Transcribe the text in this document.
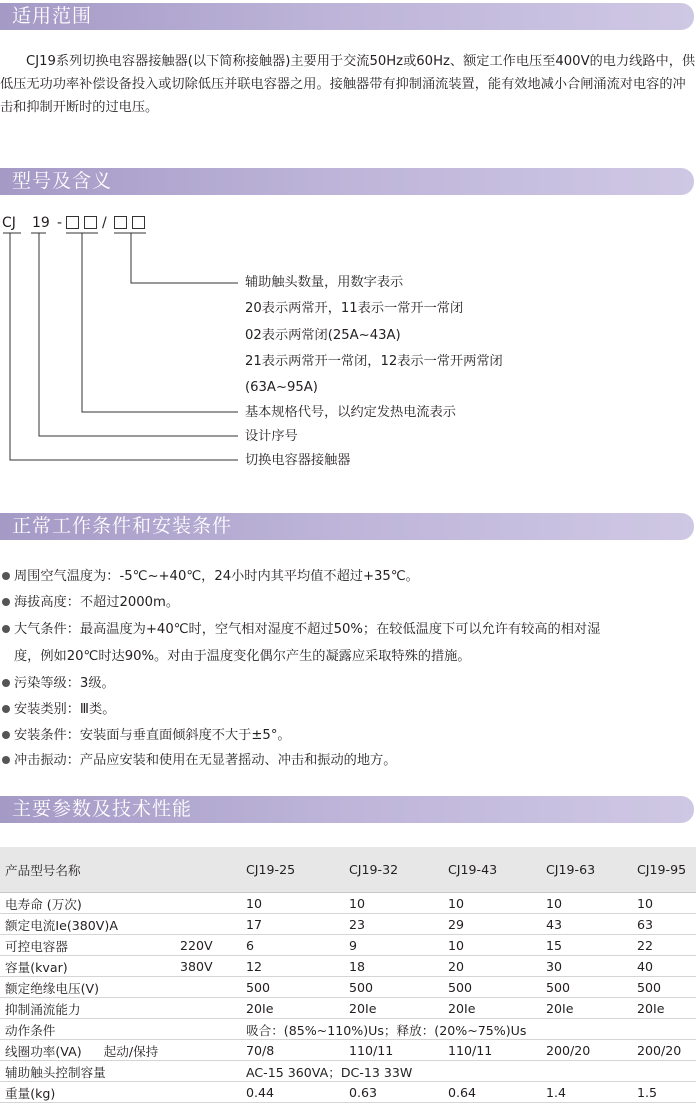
适用范围

CJ19系列切换电容器接触器(以下简称接触器)主要用于交流50Hz或60Hz、额定工作电压至400V的电力线路中，供低压无功功率补偿设备投入或切除低压并联电容器之用。接触器带有抑制涌流装置，能有效地减小合闸涌流对电容的冲击和抑制开断时的过电压。

型号及含义
CJ 19 -	/
辅助触头数量，用数字表示
20表示两常开，11表示一常开一常闭
02表示两常闭(25A~43A)
21表示两常开一常闭，12表示一常开两常闭
(63A~95A)
基本规格代号，以约定发热电流表示
设计序号
切换电容器接触器
正常工作条件和安装条件
周围空气温度为：-5℃~+40℃，24小时内其平均值不超过+35℃。
海拔高度：不超过2000m。
大气条件：最高温度为+40℃时，空气相对湿度不超过50%；在较低温度下可以允许有较高的相对湿
度，例如20℃时达90%。对由于温度变化偶尔产生的凝露应采取特殊的措施。
污染等级：3级。
安装类别：Ⅲ类。
安装条件：安装面与垂直面倾斜度不大于±5°。
冲击振动：产品应安装和使用在无显著摇动、冲击和振动的地方。
主要参数及技术性能
产品型号名称		CJ19-25	CJ19-32	CJ19-43	CJ19-63	CJ19-95
电寿命 (万次)		10	10	10	10	10
额定电流Ie(380V)A		17	23	29	43	63
可控电容器	220V	6	9	10	15	22
容量(kvar)	380V	12	18	20	30	40
额定绝缘电压(V)		500	500	500	500	500
抑制涌流能力		20Ie	20Ie	20Ie	20Ie	20Ie
动作条件		吸合：(85%~110%)Us；释放：(20%~75%)Us				
线圈功率(VA) 起动/保持		70/8	110/11	110/11	200/20	200/20
辅助触头控制容量		AC-15 360VA；DC-13 33W				
重量(kg)		0.44	0.63	0.64	1.4	1.5
